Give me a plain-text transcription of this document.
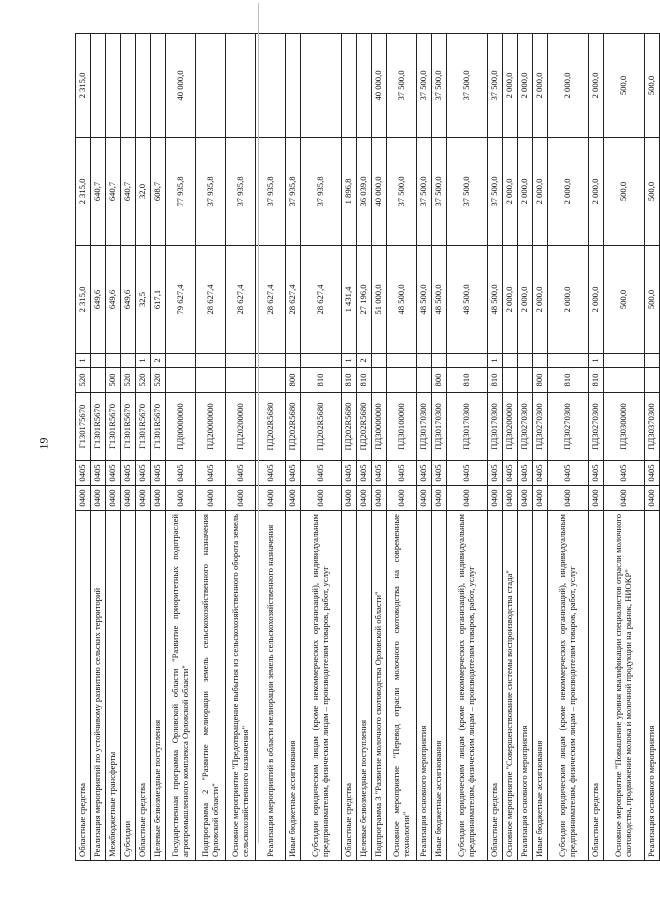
19
Областные средства	0400	0405	Г130175670	520	1	2 315,0	2 315,0	2 315,0
Реализация мероприятий по устойчивому развитию сельских территорий	0400	0405	Г1301R5670			649,6	640,7	
Межбюджетные трансферты	0400	0405	Г1301R5670	500		649,6	640,7	
Субсидии	0400	0405	Г1301R5670	520		649,6	640,7	
Областные средства	0400	0405	Г1301R5670	520	1	32,5	32,0	
Целевые безвозмездные поступления	0400	0405	Г1301R5670	520	2	617,1	608,7	
Государственная программа Орловской области "Развитие приоритетных подотраслей агропромышленного комплекса Орловской области"	0400	0405	ПД00000000			79 627,4	77 935,8	40 000,0
Подпрограмма 2 "Развитие мелиорации земель сельскохозяйственного назначения Орловской области"	0400	0405	ПД20000000			28 627,4	37 935,8	
Основное мероприятие "Предотвращение выбытия из сельскохозяйственного оборота земель сельскохозяйственного назначения"	0400	0405	ПД20200000			28 627,4	37 935,8	
Реализация мероприятий в области мелиорации земель сельскохозяйственного назначения	0400	0405	ПД202R5680			28 627,4	37 935,8	
Иные бюджетные ассигнования	0400	0405	ПД202R5680	800		28 627,4	37 935,8	
Субсидии юридическим лицам (кроме некоммерческих организаций), индивидуальным предпринимателям, физическим лицам – производителям товаров, работ, услуг	0400	0405	ПД202R5680	810		28 627,4	37 935,8	
Областные средства	0400	0405	ПД202R5680	810	1	1 431,4	1 896,8	
Целевые безвозмездные поступления	0400	0405	ПД202R5680	810	2	27 196,0	36 039,0	
Подпрограмма 3 "Развитие молочного скотоводства Орловской области"	0400	0405	ПД30000000			51 000,0	40 000,0	40 000,0
Основное мероприятие "Перевод отрасли молочного скотоводства на современные технологии"	0400	0405	ПД30100000			48 500,0	37 500,0	37 500,0
Реализация основного мероприятия	0400	0405	ПД30170300			48 500,0	37 500,0	37 500,0
Иные бюджетные ассигнования	0400	0405	ПД30170300	800		48 500,0	37 500,0	37 500,0
Субсидии юридическим лицам (кроме некоммерческих организаций), индивидуальным предпринимателям, физическим лицам – производителям товаров, работ, услуг	0400	0405	ПД30170300	810		48 500,0	37 500,0	37 500,0
Областные средства	0400	0405	ПД30170300	810	1	48 500,0	37 500,0	37 500,0
Основное мероприятие "Совершенствование системы воспроизводства стада"	0400	0405	ПД30200000			2 000,0	2 000,0	2 000,0
Реализация основного мероприятия	0400	0405	ПД30270300			2 000,0	2 000,0	2 000,0
Иные бюджетные ассигнования	0400	0405	ПД30270300	800		2 000,0	2 000,0	2 000,0
Субсидии юридическим лицам (кроме некоммерческих организаций), индивидуальным предпринимателям, физическим лицам – производителям товаров, работ, услуг	0400	0405	ПД30270300	810		2 000,0	2 000,0	2 000,0
Областные средства	0400	0405	ПД30270300	810	1	2 000,0	2 000,0	2 000,0
Основное мероприятие "Повышение уровня квалификации специалистов отрасли молочного скотоводства, продвижение молока и молочной продукции на рынок, НИОКР"	0400	0405	ПД30300000			500,0	500,0	500,0
Реализация основного мероприятия	0400	0405	ПД30370300			500,0	500,0	500,0
